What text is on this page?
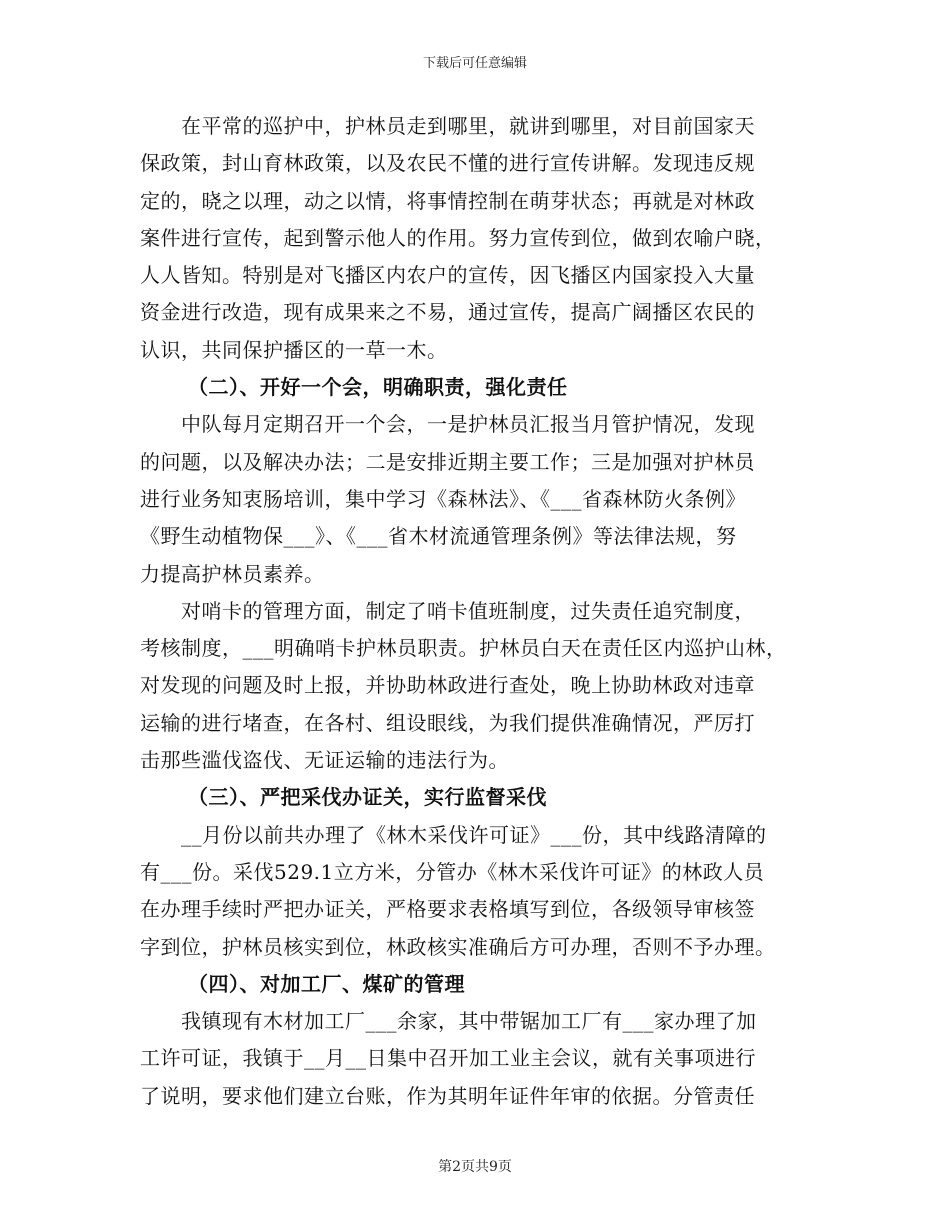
下载后可任意编辑

　　在平常的巡护中，护林员走到哪里，就讲到哪里，对目前国家天

保政策，封山育林政策，以及农民不懂的进行宣传讲解。发现违反规

定的，晓之以理，动之以情，将事情控制在萌芽状态；再就是对林政

案件进行宣传，起到警示他人的作用。努力宣传到位，做到农喻户晓，

人人皆知。特别是对飞播区内农户的宣传，因飞播区内国家投入大量

资金进行改造，现有成果来之不易，通过宣传，提高广阔播区农民的

认识，共同保护播区的一草一木。

（二）、开好一个会，明确职责，强化责任

　　中队每月定期召开一个会，一是护林员汇报当月管护情况，发现

的问题，以及解决办法；二是安排近期主要工作；三是加强对护林员

进行业务知衷肠培训，集中学习《森林法》、《___省森林防火条例》

《野生动植物保___》、《___省木材流通管理条例》等法律法规，努

力提高护林员素养。

　　对哨卡的管理方面，制定了哨卡值班制度，过失责任追究制度，

考核制度，___明确哨卡护林员职责。护林员白天在责任区内巡护山林，

对发现的问题及时上报，并协助林政进行查处，晚上协助林政对违章

运输的进行堵查，在各村、组设眼线，为我们提供准确情况，严厉打

击那些滥伐盗伐、无证运输的违法行为。

（三）、严把采伐办证关，实行监督采伐

　　__月份以前共办理了《林木采伐许可证》___份，其中线路清障的

有___份。采伐529.1立方米，分管办《林木采伐许可证》的林政人员

在办理手续时严把办证关，严格要求表格填写到位，各级领导审核签

字到位，护林员核实到位，林政核实准确后方可办理，否则不予办理。

（四）、对加工厂、煤矿的管理

　　我镇现有木材加工厂___余家，其中带锯加工厂有___家办理了加

工许可证，我镇于__月__日集中召开加工业主会议，就有关事项进行

了说明，要求他们建立台账，作为其明年证件年审的依据。分管责任

第2页共9页
